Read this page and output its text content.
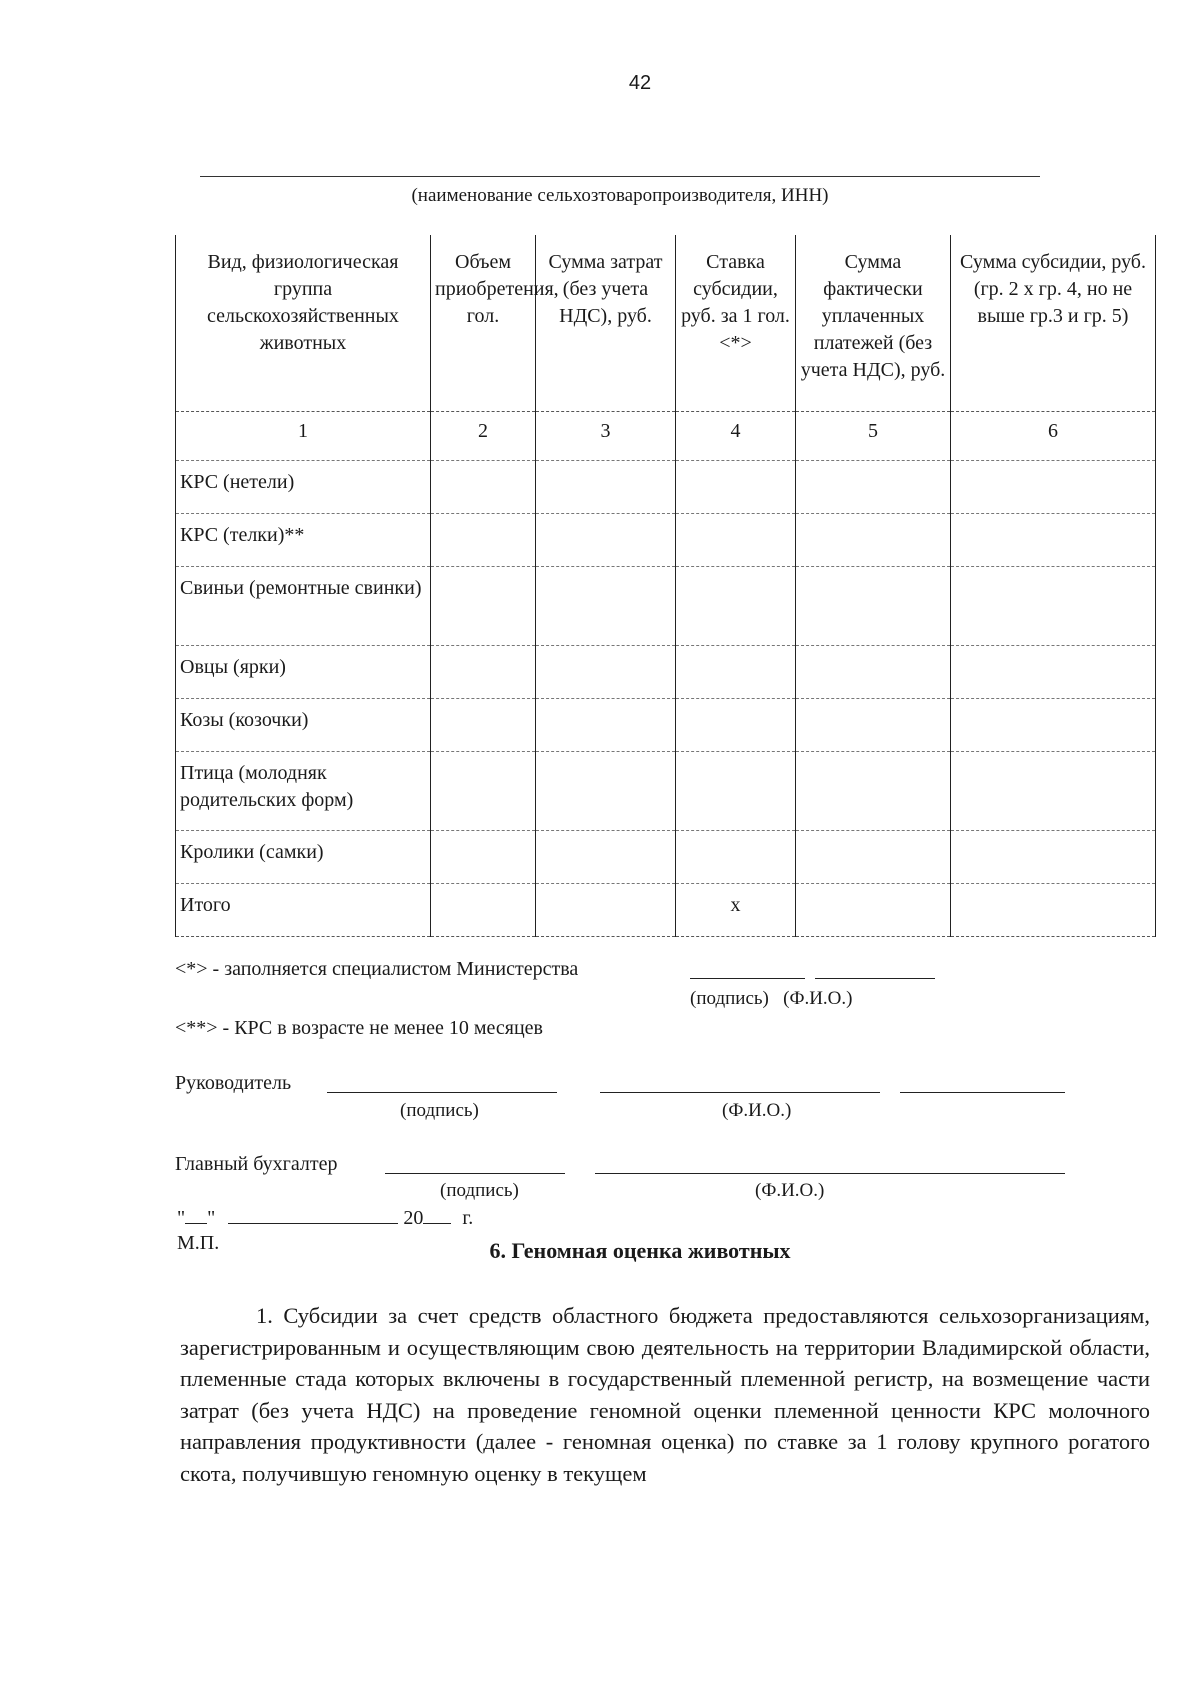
42
(наименование сельхозтоваропроизводителя, ИНН)
Вид, физиологическая группа сельскохозяйственных животных	Объем приобретения, гол.	Сумма затрат (без учета НДС), руб.	Ставка субсидии, руб. за 1 гол. <*>	Сумма фактически уплаченных платежей (без учета НДС), руб.	Сумма субсидии, руб. (гр. 2 x гр. 4, но не выше гр.3 и гр. 5)
1	2	3	4	5	6
КРС (нетели)					
КРС (телки)**					
Свиньи (ремонтные свинки)					
Овцы (ярки)					
Козы (козочки)					
Птица (молодняк родительских форм)					
Кролики (самки)					
Итого			x		
<*> - заполняется специалистом Министерства
(подпись)   (Ф.И.О.)
<**> - КРС в возрасте не менее 10 месяцев
Руководитель
(подпись)	(Ф.И.О.)
Главный бухгалтер
(подпись)	(Ф.И.О.)
" "	20 г.
М.П.	6. Геномная оценка животных

1. Субсидии за счет средств областного бюджета предоставляются сельхозорганизациям, зарегистрированным и осуществляющим свою деятельность на территории Владимирской области, племенные стада которых включены в государственный племенной регистр, на возмещение части затрат (без учета НДС) на проведение геномной оценки племенной ценности КРС молочного направления продуктивности (далее - геномная оценка) по ставке за 1 голову крупного рогатого скота, получившую геномную оценку в текущем
